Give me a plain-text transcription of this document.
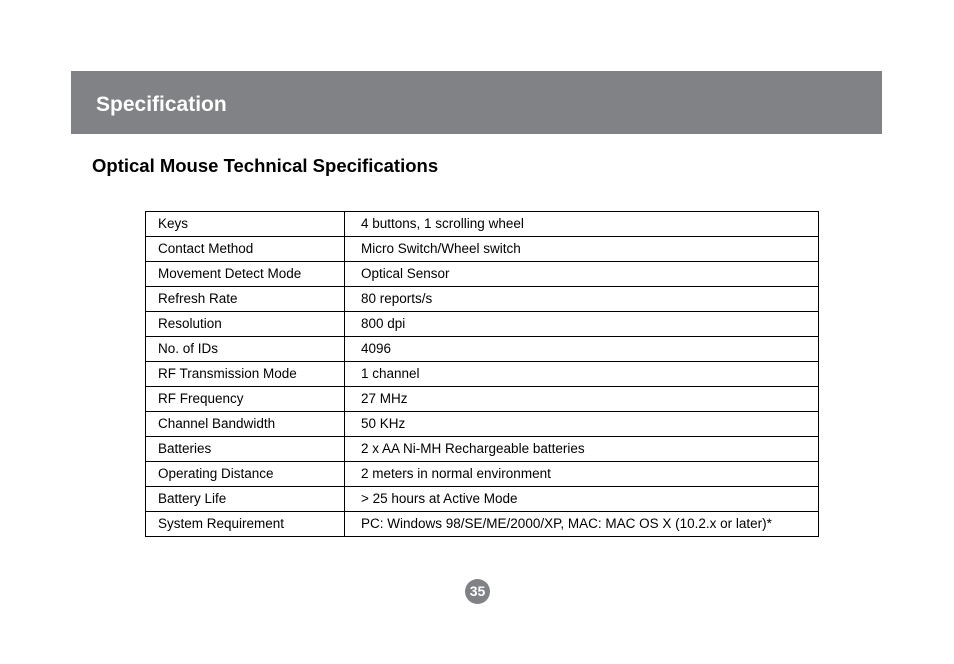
Specification
Optical Mouse Technical Specifications
Keys	4 buttons, 1 scrolling wheel
Contact Method	Micro Switch/Wheel switch
Movement Detect Mode	Optical Sensor
Refresh Rate	80 reports/s
Resolution	800 dpi
No. of IDs	4096
RF Transmission Mode	1 channel
RF Frequency	27 MHz
Channel Bandwidth	50 KHz
Batteries	2 x AA Ni-MH Rechargeable batteries
Operating Distance	2 meters in normal environment
Battery Life	> 25 hours at Active Mode
System Requirement	PC: Windows 98/SE/ME/2000/XP, MAC: MAC OS X (10.2.x or later)*
35
